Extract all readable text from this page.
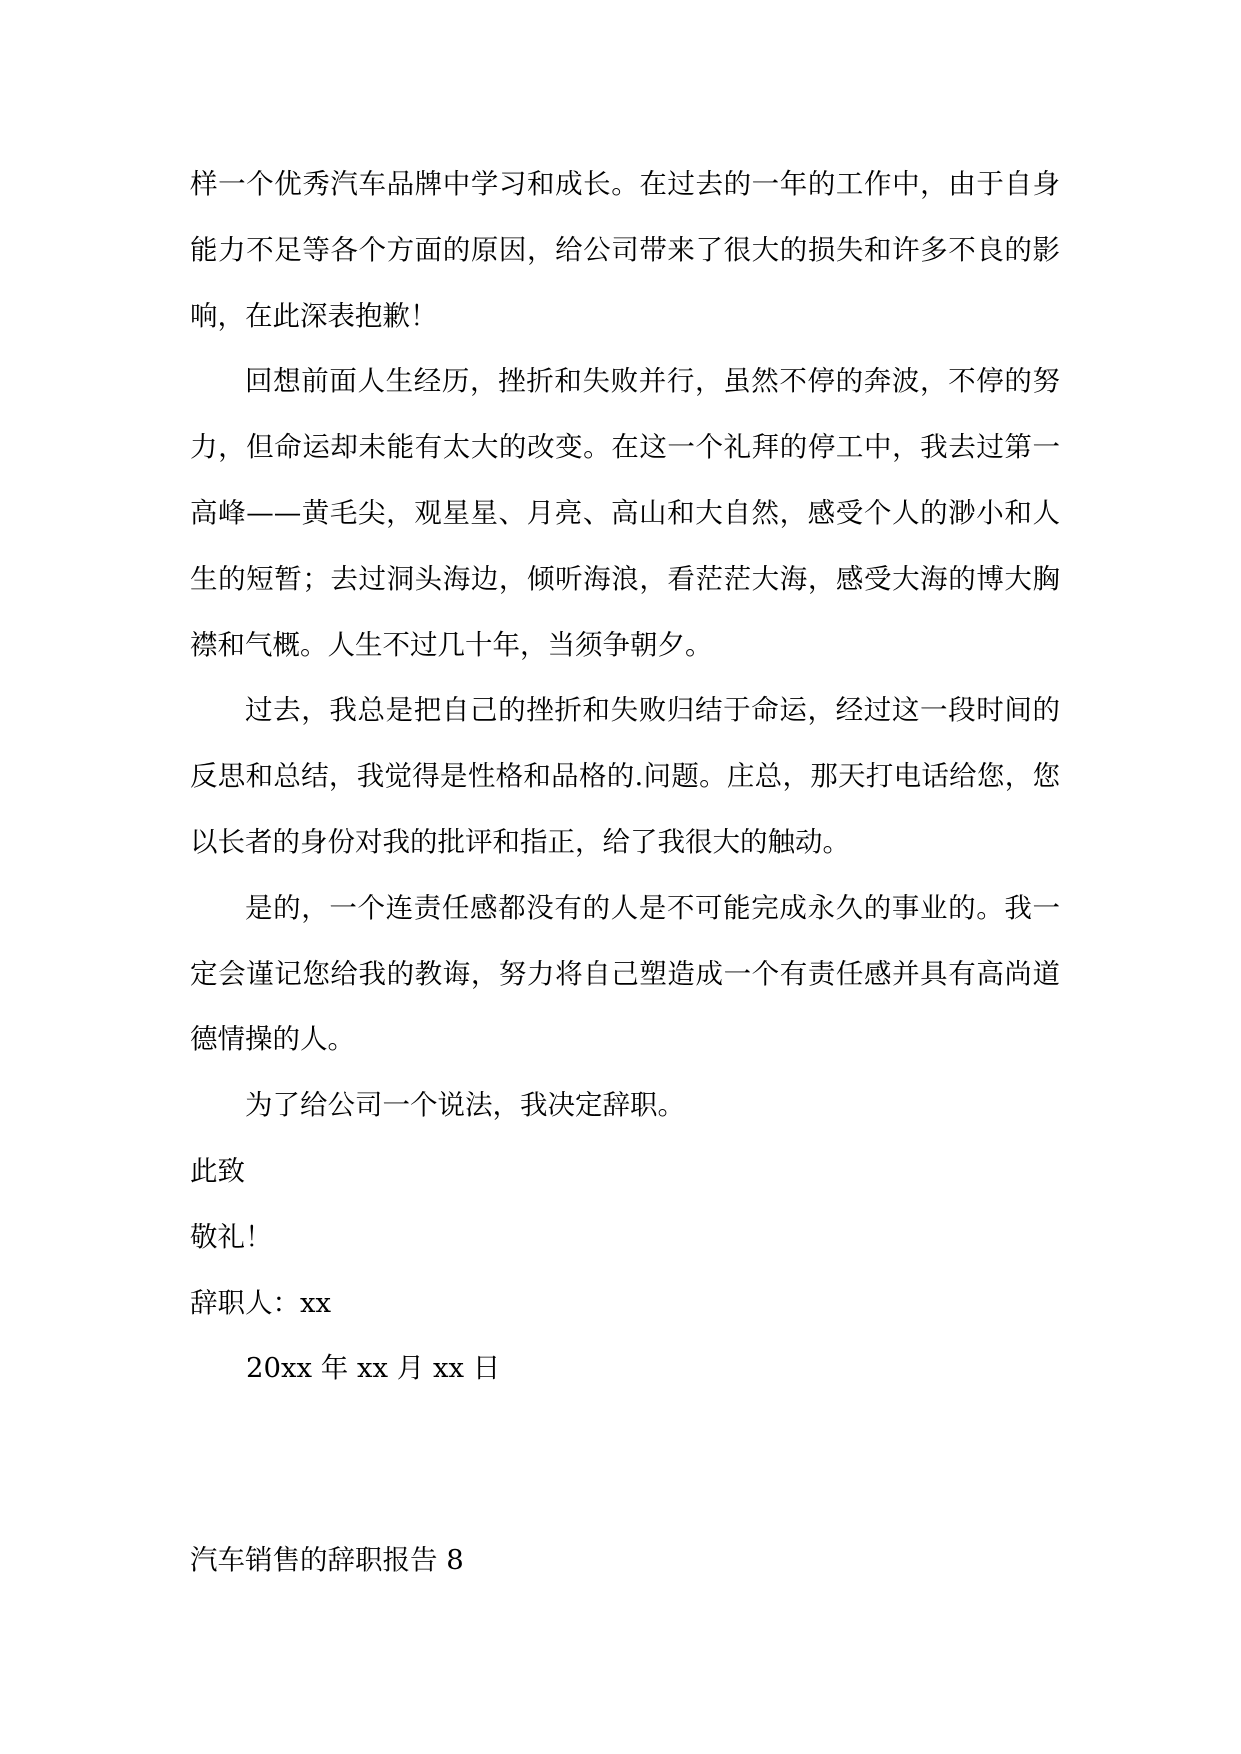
样一个优秀汽车品牌中学习和成长。在过去的一年的工作中，由于自身能力不足等各个方面的原因，给公司带来了很大的损失和许多不良的影响，在此深表抱歉！

回想前面人生经历，挫折和失败并行，虽然不停的奔波，不停的努力，但命运却未能有太大的改变。在这一个礼拜的停工中，我去过第一高峰——黄毛尖，观星星、月亮、高山和大自然，感受个人的渺小和人生的短暂；去过洞头海边，倾听海浪，看茫茫大海，感受大海的博大胸襟和气概。人生不过几十年，当须争朝夕。

过去，我总是把自己的挫折和失败归结于命运，经过这一段时间的反思和总结，我觉得是性格和品格的.问题。庄总，那天打电话给您，您以长者的身份对我的批评和指正，给了我很大的触动。

是的，一个连责任感都没有的人是不可能完成永久的事业的。我一定会谨记您给我的教诲，努力将自己塑造成一个有责任感并具有高尚道德情操的人。

为了给公司一个说法，我决定辞职。

此致

敬礼！

辞职人：xx

20xx 年 xx 月 xx 日

汽车销售的辞职报告 8
